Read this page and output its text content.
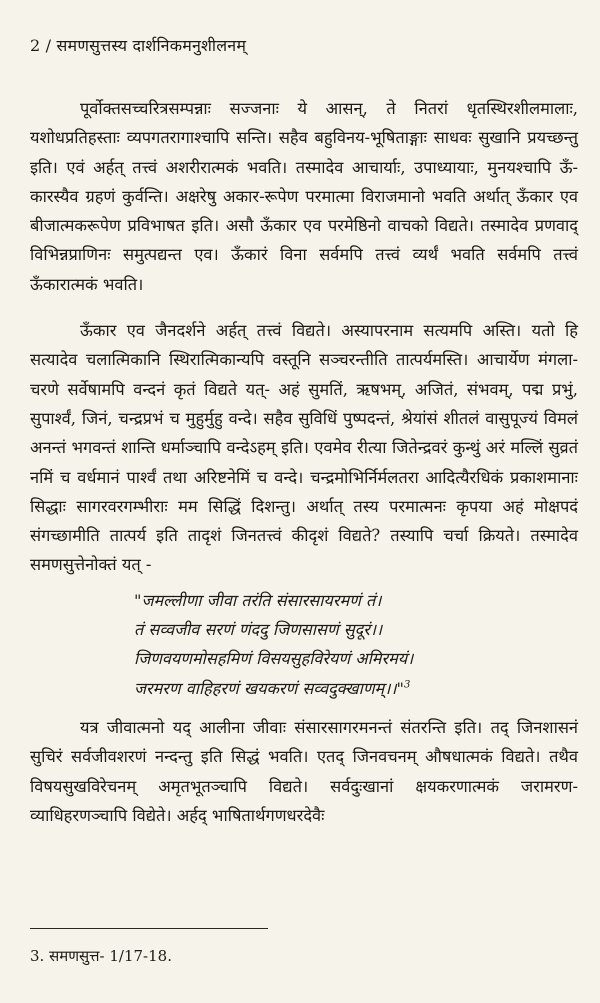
2 / समणसुत्तस्य दार्शनिकमनुशीलनम्

पूर्वोक्तसच्चरित्रसम्पन्नाः सज्जनाः ये आसन्, ते नितरां धृतस्थिरशीलमालाः, यशोधप्रतिहस्ताः व्यपगतरागाश्चापि सन्ति। सहैव बहुविनय-भूषिताङ्गाः साधवः सुखानि प्रयच्छन्तु इति। एवं अर्हत् तत्त्वं अशरीरात्मकं भवति। तस्मादेव आचार्याः, उपाध्यायाः, मुनयश्चापि ऊँ-कारस्यैव ग्रहणं कुर्वन्ति। अक्षरेषु अकार-रूपेण परमात्मा विराजमानो भवति अर्थात् ऊँकार एव बीजात्मकरूपेण प्रविभाषत इति। असौ ऊँकार एव परमेष्ठिनो वाचको विद्यते। तस्मादेव प्रणवाद् विभिन्नप्राणिनः समुत्पद्यन्त एव। ऊँकारं विना सर्वमपि तत्त्वं व्यर्थं भवति सर्वमपि तत्त्वं ऊँकारात्मकं भवति।

ऊँकार एव जैनदर्शने अर्हत् तत्त्वं विद्यते। अस्यापरनाम सत्यमपि अस्ति। यतो हि सत्यादेव चलात्मिकानि स्थिरात्मिकान्यपि वस्तूनि सञ्चरन्तीति तात्पर्यमस्ति। आचार्येण मंगला-चरणे सर्वेषामपि वन्दनं कृतं विद्यते यत्- अहं सुमतिं, ऋषभम्, अजितं, संभवम्, पद्म प्रभुं, सुपार्श्वं, जिनं, चन्द्रप्रभं च मुहुर्मुहु वन्दे। सहैव सुविधिं पुष्पदन्तं, श्रेयांसं शीतलं वासुपूज्यं विमलं अनन्तं भगवन्तं शान्ति धर्माञ्चापि वन्देऽहम् इति। एवमेव रीत्या जितेन्द्रवरं कुन्थुं अरं मल्लिं सुव्रतं नमिं च वर्धमानं पार्श्वं तथा अरिष्टनेमिं च वन्दे। चन्द्रमोभिर्निर्मलतरा आदित्यैरधिकं प्रकाशमानाः सिद्धाः सागरवरगम्भीराः मम सिद्धिं दिशन्तु। अर्थात् तस्य परमात्मनः कृपया अहं मोक्षपदं संगच्छामीति तात्पर्य इति तादृशं जिनतत्त्वं कीदृशं विद्यते? तस्यापि चर्चा क्रियते। तस्मादेव समणसुत्तेनोक्तं यत् -

"जमल्लीणा जीवा तरंति संसारसायरमणं तं।
तं सव्वजीव सरणं णंददु जिणसासणं सुदूरं।।
जिणवयणमोसहमिणं विसयसुहविरेयणं अमिरमयं।
जरमरण वाहिहरणं खयकरणं सव्वदुक्खाणम्।।"$^3$

यत्र जीवात्मनो यद् आलीना जीवाः संसारसागरमनन्तं संतरन्ति इति। तद् जिनशासनं सुचिरं सर्वजीवशरणं नन्दन्तु इति सिद्धं भवति। एतद् जिनवचनम् औषधात्मकं विद्यते। तथैव विषयसुखविरेचनम् अमृतभूतञ्चापि विद्यते। सर्वदुःखानां क्षयकरणात्मकं जरामरण- व्याधिहरणञ्चापि विद्येते। अर्हद् भाषितार्थगणधरदेवैः

3. समणसुत्त- 1/17-18.
